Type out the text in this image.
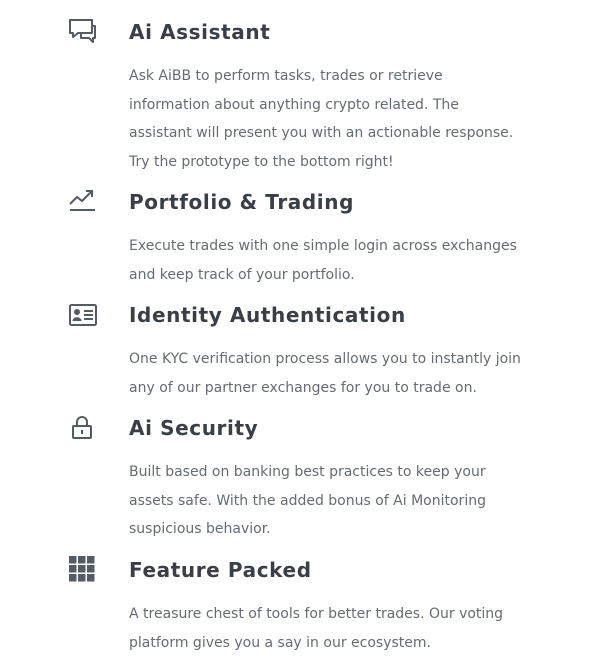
Ai Assistant

Ask AiBB to perform tasks, trades or retrieve information about anything crypto related. The assistant will present you with an actionable response. Try the prototype to the bottom right!

Portfolio & Trading

Execute trades with one simple login across exchanges and keep track of your portfolio.

Identity Authentication

One KYC verification process allows you to instantly join any of our partner exchanges for you to trade on.

Ai Security

Built based on banking best practices to keep your assets safe. With the added bonus of Ai Monitoring suspicious behavior.

Feature Packed

A treasure chest of tools for better trades. Our voting platform gives you a say in our ecosystem.
